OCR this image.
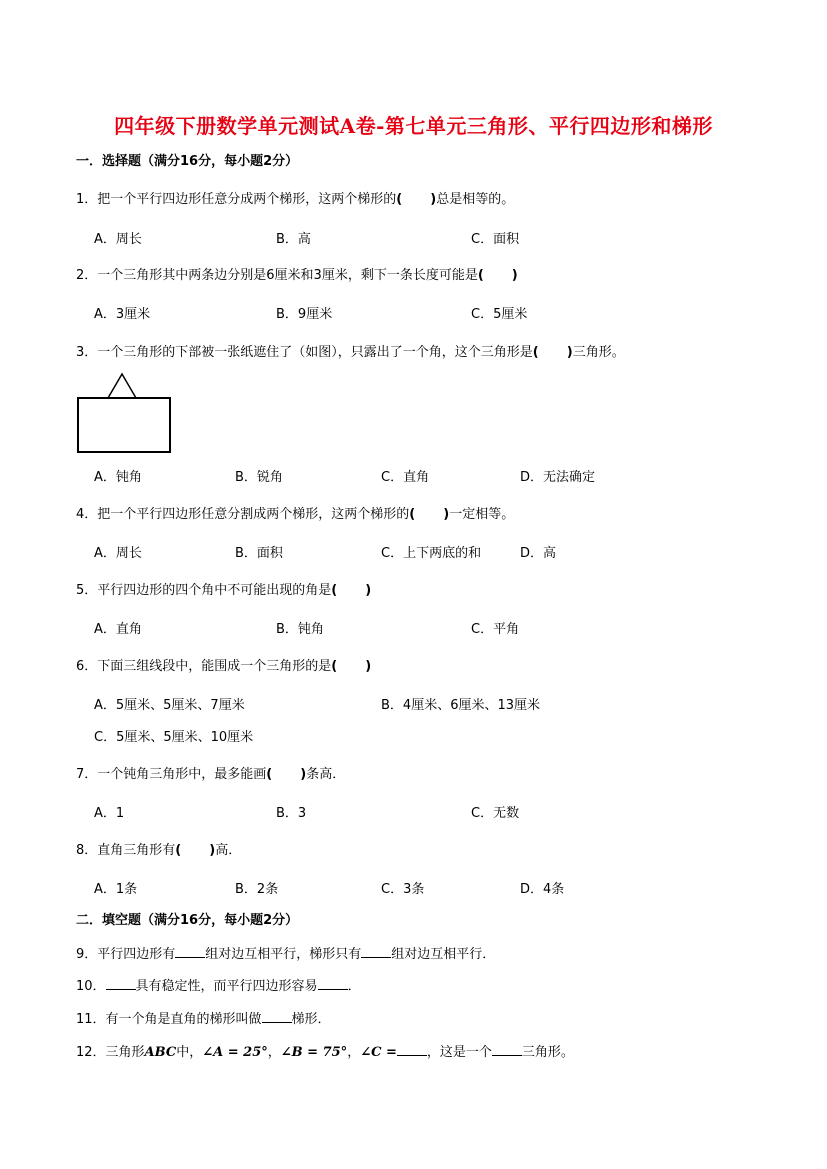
四年级下册数学单元测试A卷-第七单元三角形、平行四边形和梯形
一．选择题（满分16分，每小题2分）
1．把一个平行四边形任意分成两个梯形，这两个梯形的( )总是相等的。
A．周长	B．高	C．面积
2．一个三角形其中两条边分别是6厘米和3厘米，剩下一条长度可能是( )
A．3厘米	B．9厘米	C．5厘米
3．一个三角形的下部被一张纸遮住了（如图），只露出了一个角，这个三角形是( )三角形。
A．钝角	B．锐角	C．直角	D．无法确定
4．把一个平行四边形任意分割成两个梯形，这两个梯形的( )一定相等。
A．周长	B．面积	C．上下两底的和	D．高
5．平行四边形的四个角中不可能出现的角是( )
A．直角	B．钝角	C．平角
6．下面三组线段中，能围成一个三角形的是( )
A．5厘米、5厘米、7厘米	B．4厘米、6厘米、13厘米
C．5厘米、5厘米、10厘米
7．一个钝角三角形中，最多能画( )条高．
A．1	B．3	C．无数
8．直角三角形有( )高．
A．1条	B．2条	C．3条	D．4条
二．填空题（满分16分，每小题2分）
9．平行四边形有 组对边互相平行，梯形只有 组对边互相平行．
10． 具有稳定性，而平行四边形容易 ．
11．有一个角是直角的梯形叫做 梯形．
12．三角形ABC中，∠A = 25°，∠B = 75°，∠C = ，这是一个 三角形。
